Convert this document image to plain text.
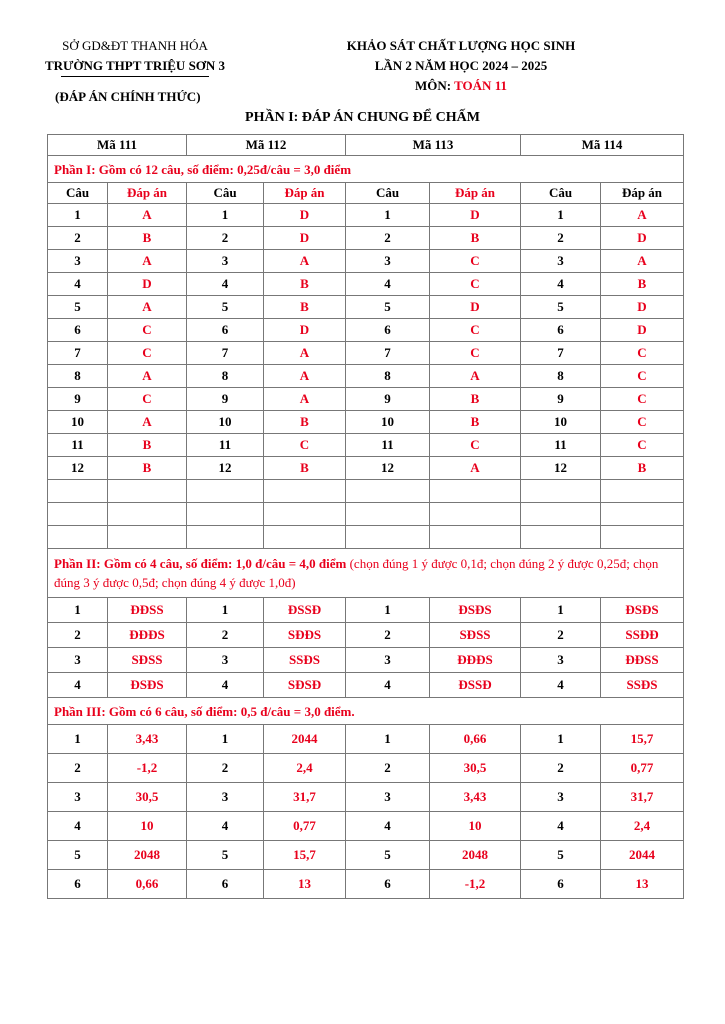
SỞ GD&ĐT THANH HÓA
TRƯỜNG THPT TRIỆU SƠN 3
(ĐÁP ÁN CHÍNH THỨC)
KHẢO SÁT CHẤT LƯỢNG HỌC SINH
LẦN 2 NĂM HỌC 2024 – 2025
MÔN: TOÁN 11
PHẦN I: ĐÁP ÁN CHUNG ĐỂ CHẤM
Mã 111		Mã 112		Mã 113		Mã 114	
Phần I: Gồm có 12 câu, số điểm: 0,25đ/câu = 3,0 điểm							
Câu	Đáp án	Câu	Đáp án	Câu	Đáp án	Câu	Đáp án
1	A	1	D	1	D	1	A
2	B	2	D	2	B	2	D
3	A	3	A	3	C	3	A
4	D	4	B	4	C	4	B
5	A	5	B	5	D	5	D
6	C	6	D	6	C	6	D
7	C	7	A	7	C	7	C
8	A	8	A	8	A	8	C
9	C	9	A	9	B	9	C
10	A	10	B	10	B	10	C
11	B	11	C	11	C	11	C
12	B	12	B	12	A	12	B

Phần II: Gồm có 4 câu, số điểm: 1,0 đ/câu = 4,0 điểm (chọn đúng 1 ý được 0,1đ; chọn đúng 2 ý được 0,25đ; chọn đúng 3 ý được 0,5đ; chọn đúng 4 ý được 1,0đ)							
1	ĐĐSS	1	ĐSSĐ	1	ĐSĐS	1	ĐSĐS
2	ĐĐĐS	2	SĐĐS	2	SĐSS	2	SSĐĐ
3	SĐSS	3	SSĐS	3	ĐĐĐS	3	ĐĐSS
4	ĐSĐS	4	SĐSĐ	4	ĐSSĐ	4	SSĐS
Phần III: Gồm có 6 câu, số điểm: 0,5 đ/câu = 3,0 điểm.							
1	3,43	1	2044	1	0,66	1	15,7
2	-1,2	2	2,4	2	30,5	2	0,77
3	30,5	3	31,7	3	3,43	3	31,7
4	10	4	0,77	4	10	4	2,4
5	2048	5	15,7	5	2048	5	2044
6	0,66	6	13	6	-1,2	6	13
